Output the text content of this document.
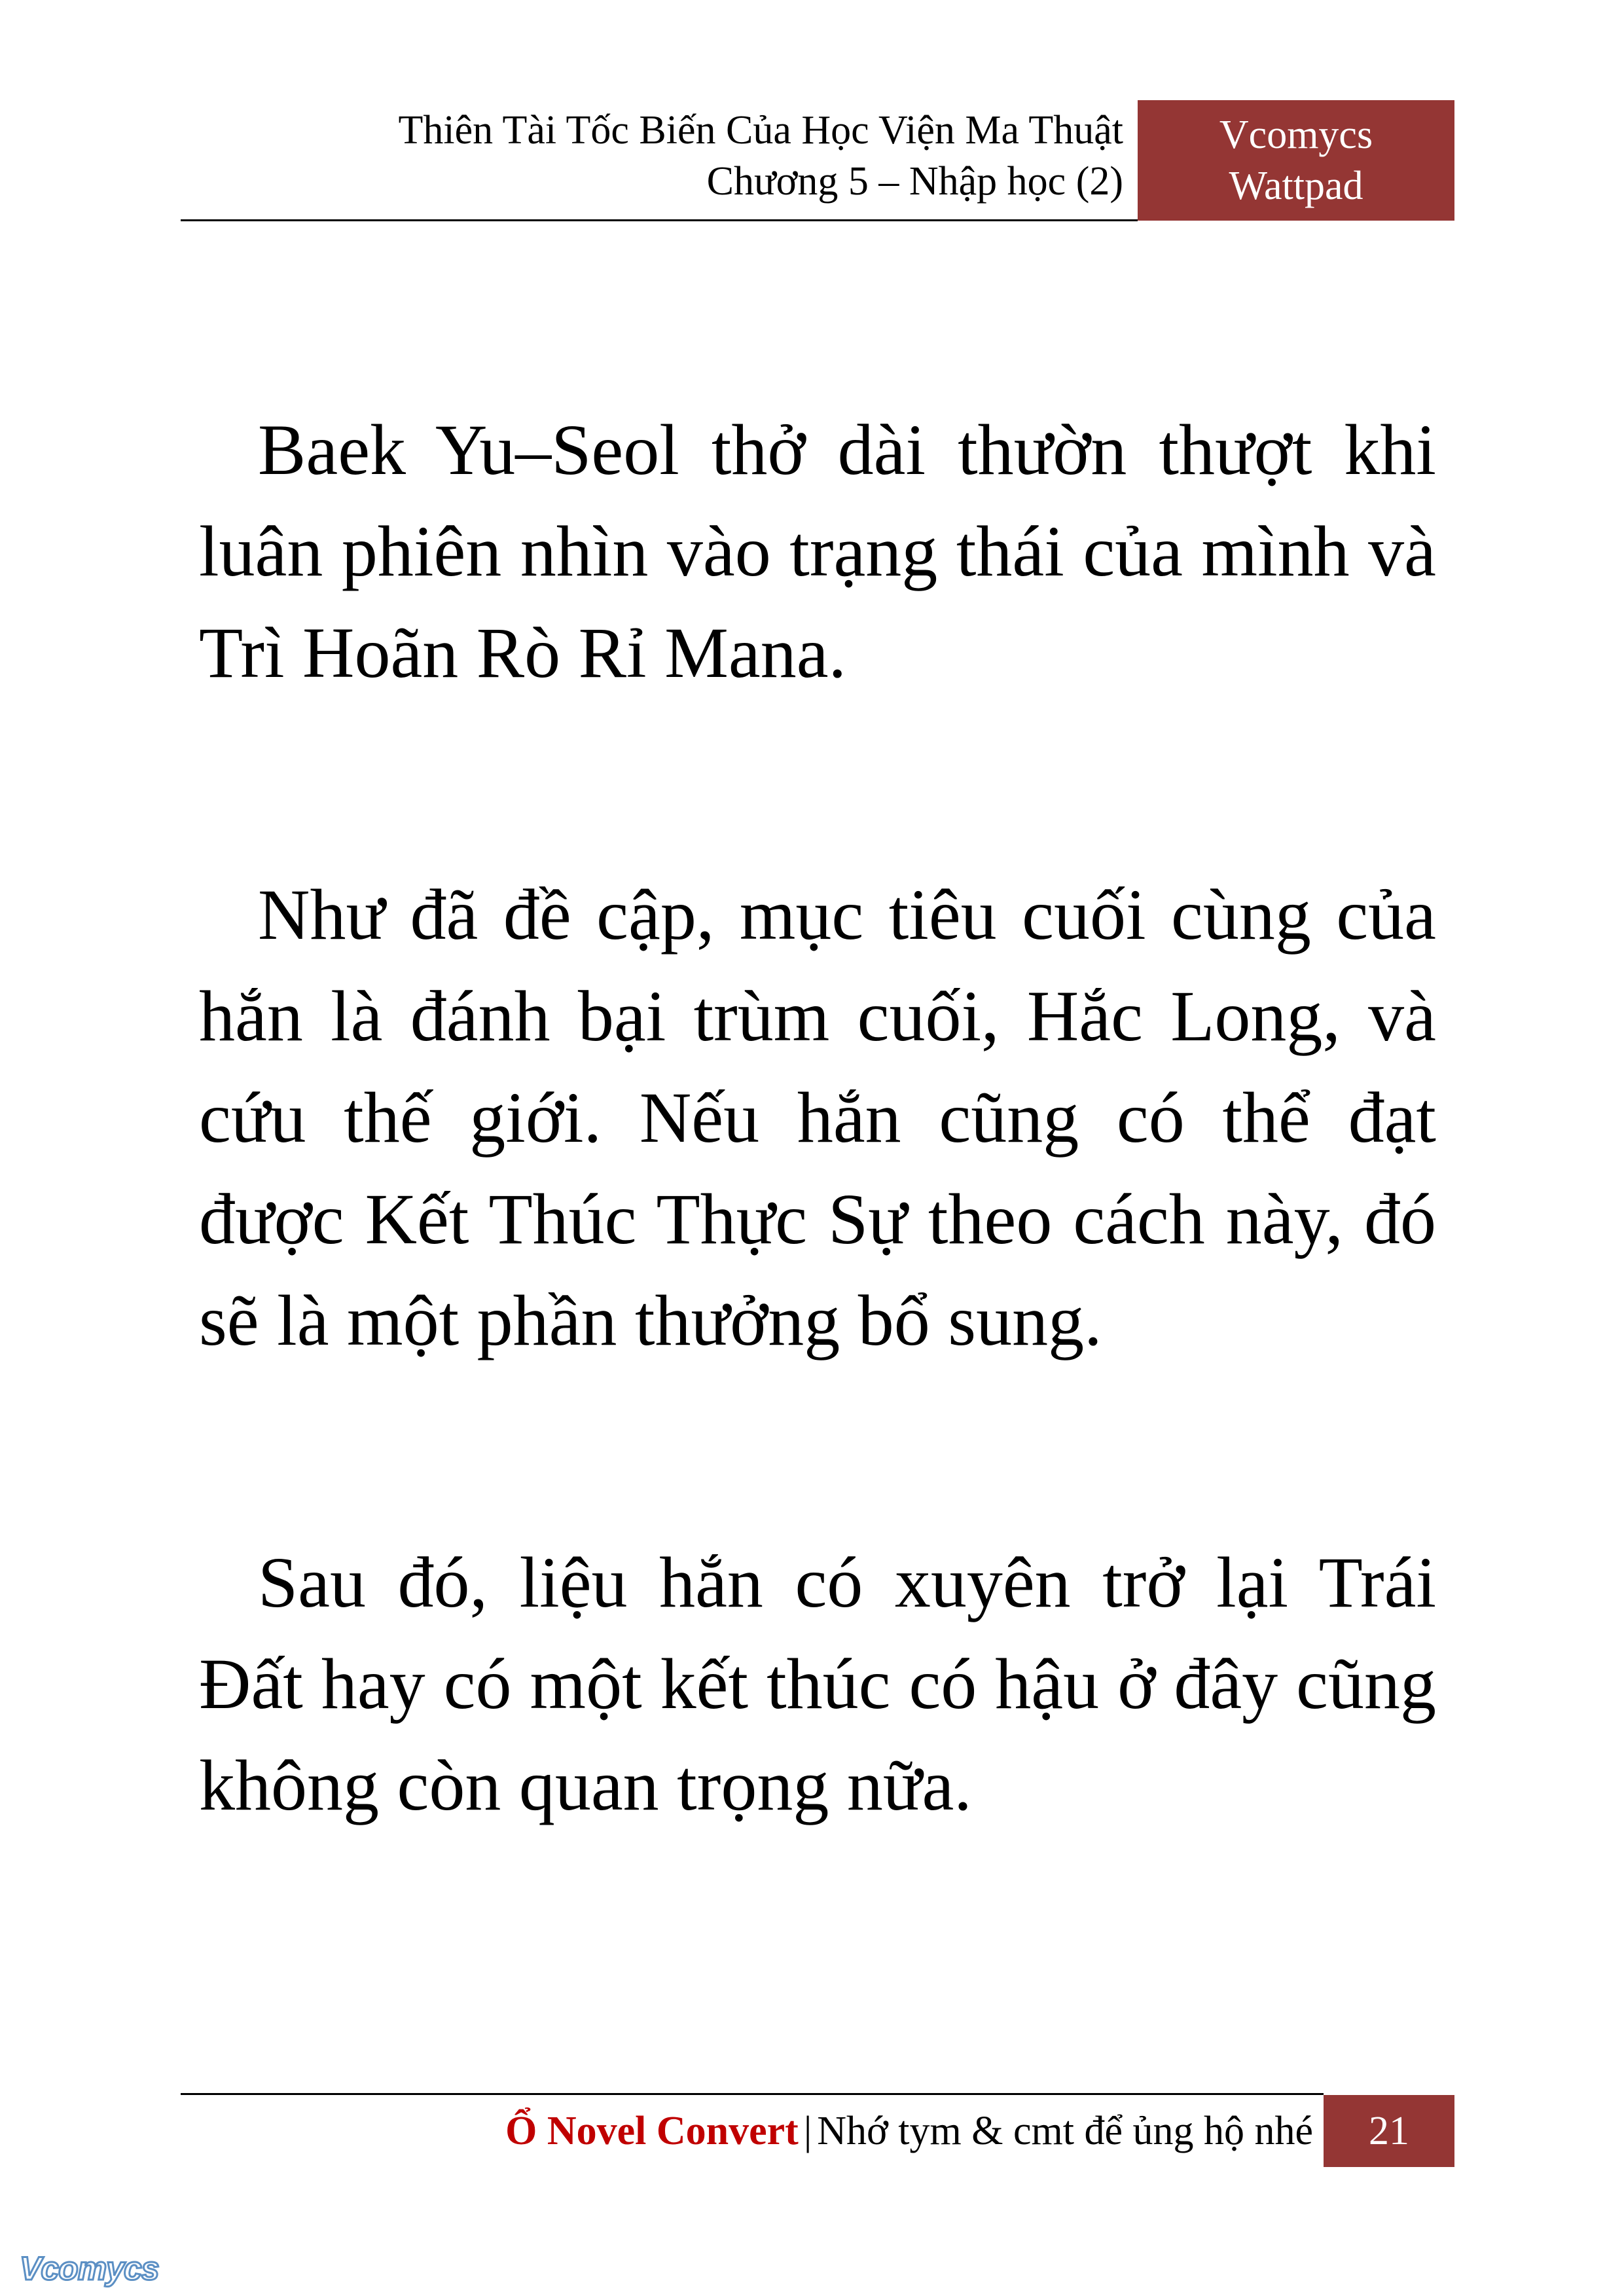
Thiên Tài Tốc Biến Của Học Viện Ma Thuật
Chương 5 – Nhập học (2)
Vcomycs
Wattpad

Baek Yu–Seol thở dài thườn thượt khi luân phiên nhìn vào trạng thái của mình và Trì Hoãn Rò Rỉ Mana.

Như đã đề cập, mục tiêu cuối cùng của hắn là đánh bại trùm cuối, Hắc Long, và cứu thế giới. Nếu hắn cũng có thể đạt được Kết Thúc Thực Sự theo cách này, đó sẽ là một phần thưởng bổ sung.

Sau đó, liệu hắn có xuyên trở lại Trái Đất hay có một kết thúc có hậu ở đây cũng không còn quan trọng nữa.

Ổ Novel Convert | Nhớ tym & cmt để ủng hộ nhé	21
Vcomycs
